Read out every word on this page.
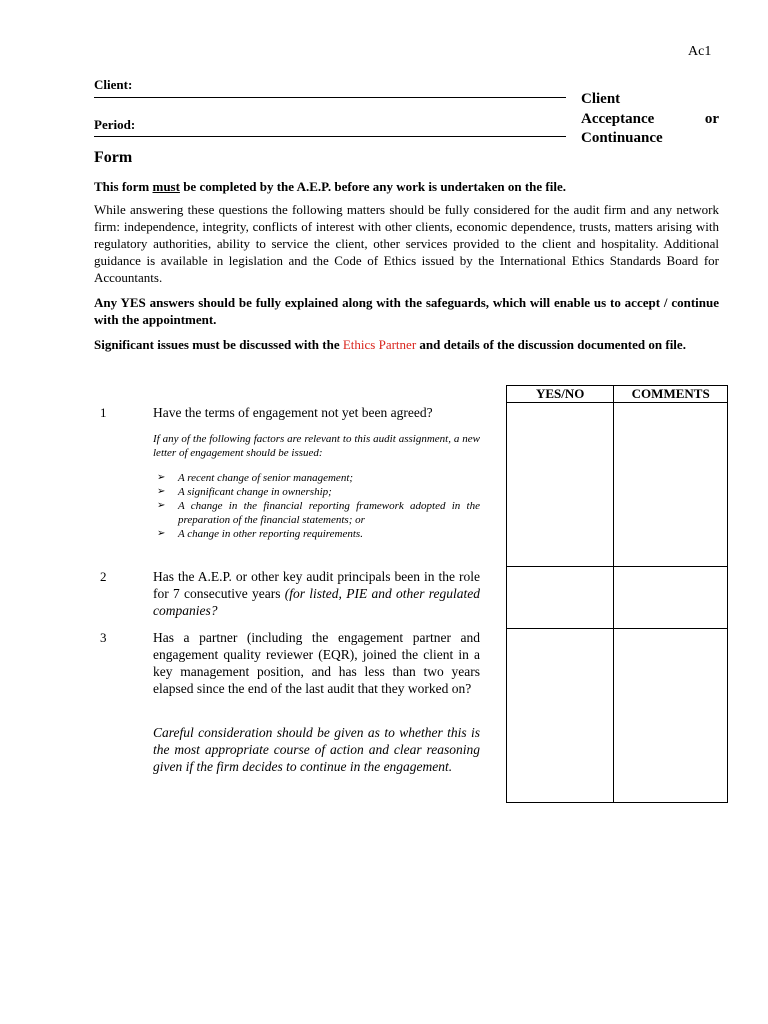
Ac1
Client:
Period:
Client
Acceptance	or
Continuance
Form
This form must be completed by the A.E.P. before any work is undertaken on the file.
While answering these questions the following matters should be fully considered for the audit firm and any network firm: independence, integrity, conflicts of interest with other clients, economic dependence, trusts, matters arising with regulatory authorities, ability to service the client, other services provided to the client and hospitality. Additional guidance is available in legislation and the Code of Ethics issued by the International Ethics Standards Board for Accountants.
Any YES answers should be fully explained along with the safeguards, which will enable us to accept / continue with the appointment.
Significant issues must be discussed with the Ethics Partner and details of the discussion documented on file.
YES/NO	COMMENTS

1	Have the terms of engagement not yet been agreed?
If any of the following factors are relevant to this audit assignment, a new letter of engagement should be issued:
➢ A recent change of senior management;
➢ A significant change in ownership;
➢ A change in the financial reporting framework adopted in the preparation of the financial statements; or
➢ A change in other reporting requirements.
2	Has the A.E.P. or other key audit principals been in the role for 7 consecutive years (for listed, PIE and other regulated companies?
3	Has a partner (including the engagement partner and engagement quality reviewer (EQR), joined the client in a key management position, and has less than two years elapsed since the end of the last audit that they worked on?
Careful consideration should be given as to whether this is the most appropriate course of action and clear reasoning given if the firm decides to continue in the engagement.
